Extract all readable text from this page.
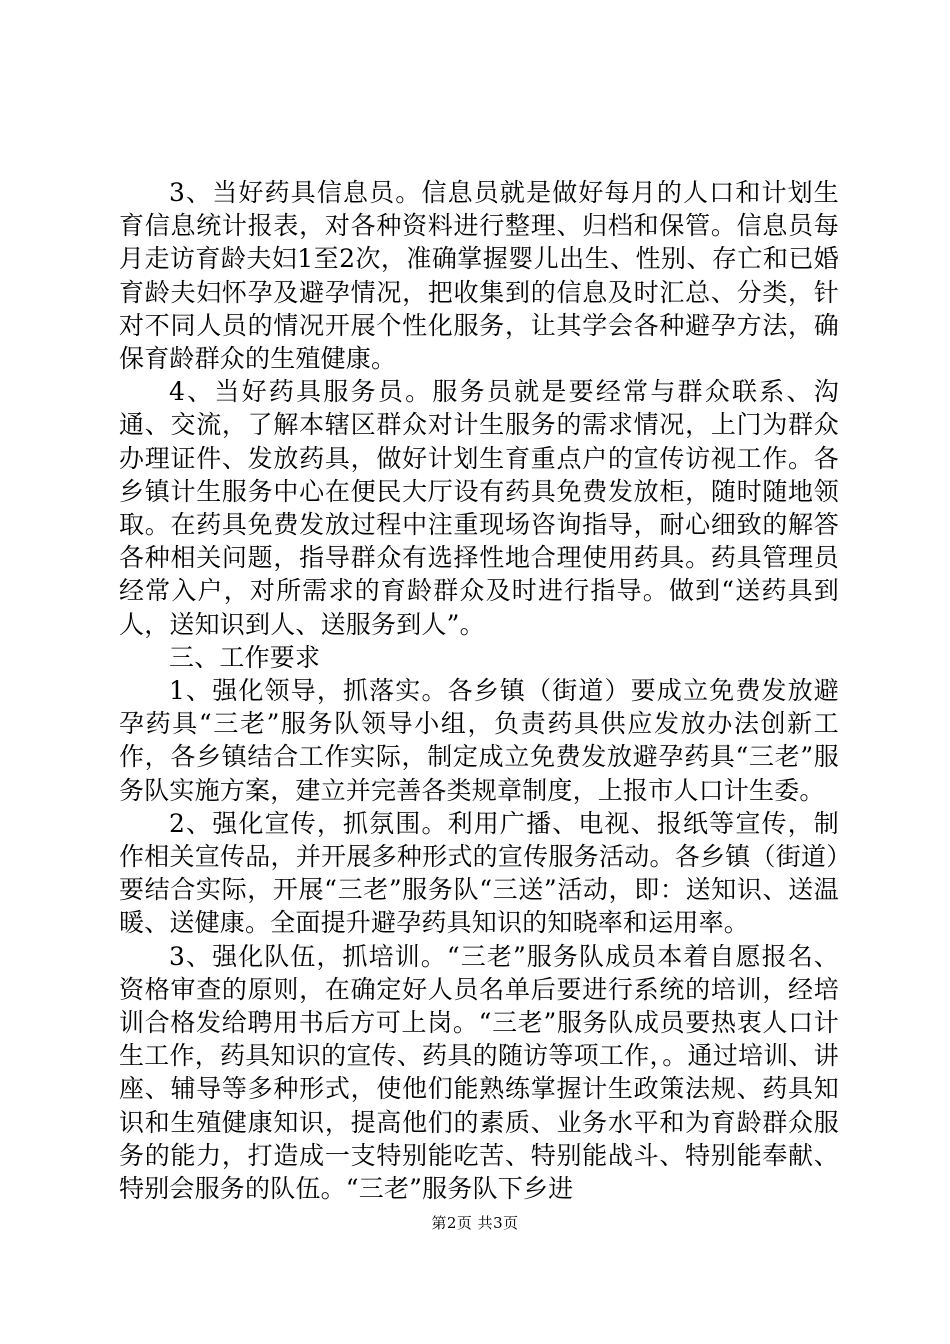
3、当好药具信息员。信息员就是做好每月的人口和计划生育信息统计报表，对各种资料进行整理、归档和保管。信息员每月走访育龄夫妇1至2次，准确掌握婴儿出生、性别、存亡和已婚育龄夫妇怀孕及避孕情况，把收集到的信息及时汇总、分类，针对不同人员的情况开展个性化服务，让其学会各种避孕方法，确保育龄群众的生殖健康。

4、当好药具服务员。服务员就是要经常与群众联系、沟通、交流，了解本辖区群众对计生服务的需求情况，上门为群众办理证件、发放药具，做好计划生育重点户的宣传访视工作。各乡镇计生服务中心在便民大厅设有药具免费发放柜，随时随地领取。在药具免费发放过程中注重现场咨询指导，耐心细致的解答各种相关问题，指导群众有选择性地合理使用药具。药具管理员经常入户，对所需求的育龄群众及时进行指导。做到“送药具到人，送知识到人、送服务到人”。

三、工作要求

1、强化领导，抓落实。各乡镇（街道）要成立免费发放避孕药具“三老”服务队领导小组，负责药具供应发放办法创新工作，各乡镇结合工作实际，制定成立免费发放避孕药具“三老”服务队实施方案，建立并完善各类规章制度，上报市人口计生委。

2、强化宣传，抓氛围。利用广播、电视、报纸等宣传，制作相关宣传品，并开展多种形式的宣传服务活动。各乡镇（街道）要结合实际，开展“三老”服务队“三送”活动，即：送知识、送温暖、送健康。全面提升避孕药具知识的知晓率和运用率。

3、强化队伍，抓培训。“三老”服务队成员本着自愿报名、资格审查的原则，在确定好人员名单后要进行系统的培训，经培训合格发给聘用书后方可上岗。“三老”服务队成员要热衷人口计生工作，药具知识的宣传、药具的随访等项工作，。通过培训、讲座、辅导等多种形式，使他们能熟练掌握计生政策法规、药具知识和生殖健康知识，提高他们的素质、业务水平和为育龄群众服务的能力，打造成一支特别能吃苦、特别能战斗、特别能奉献、特别会服务的队伍。“三老”服务队下乡进

第2页 共3页
